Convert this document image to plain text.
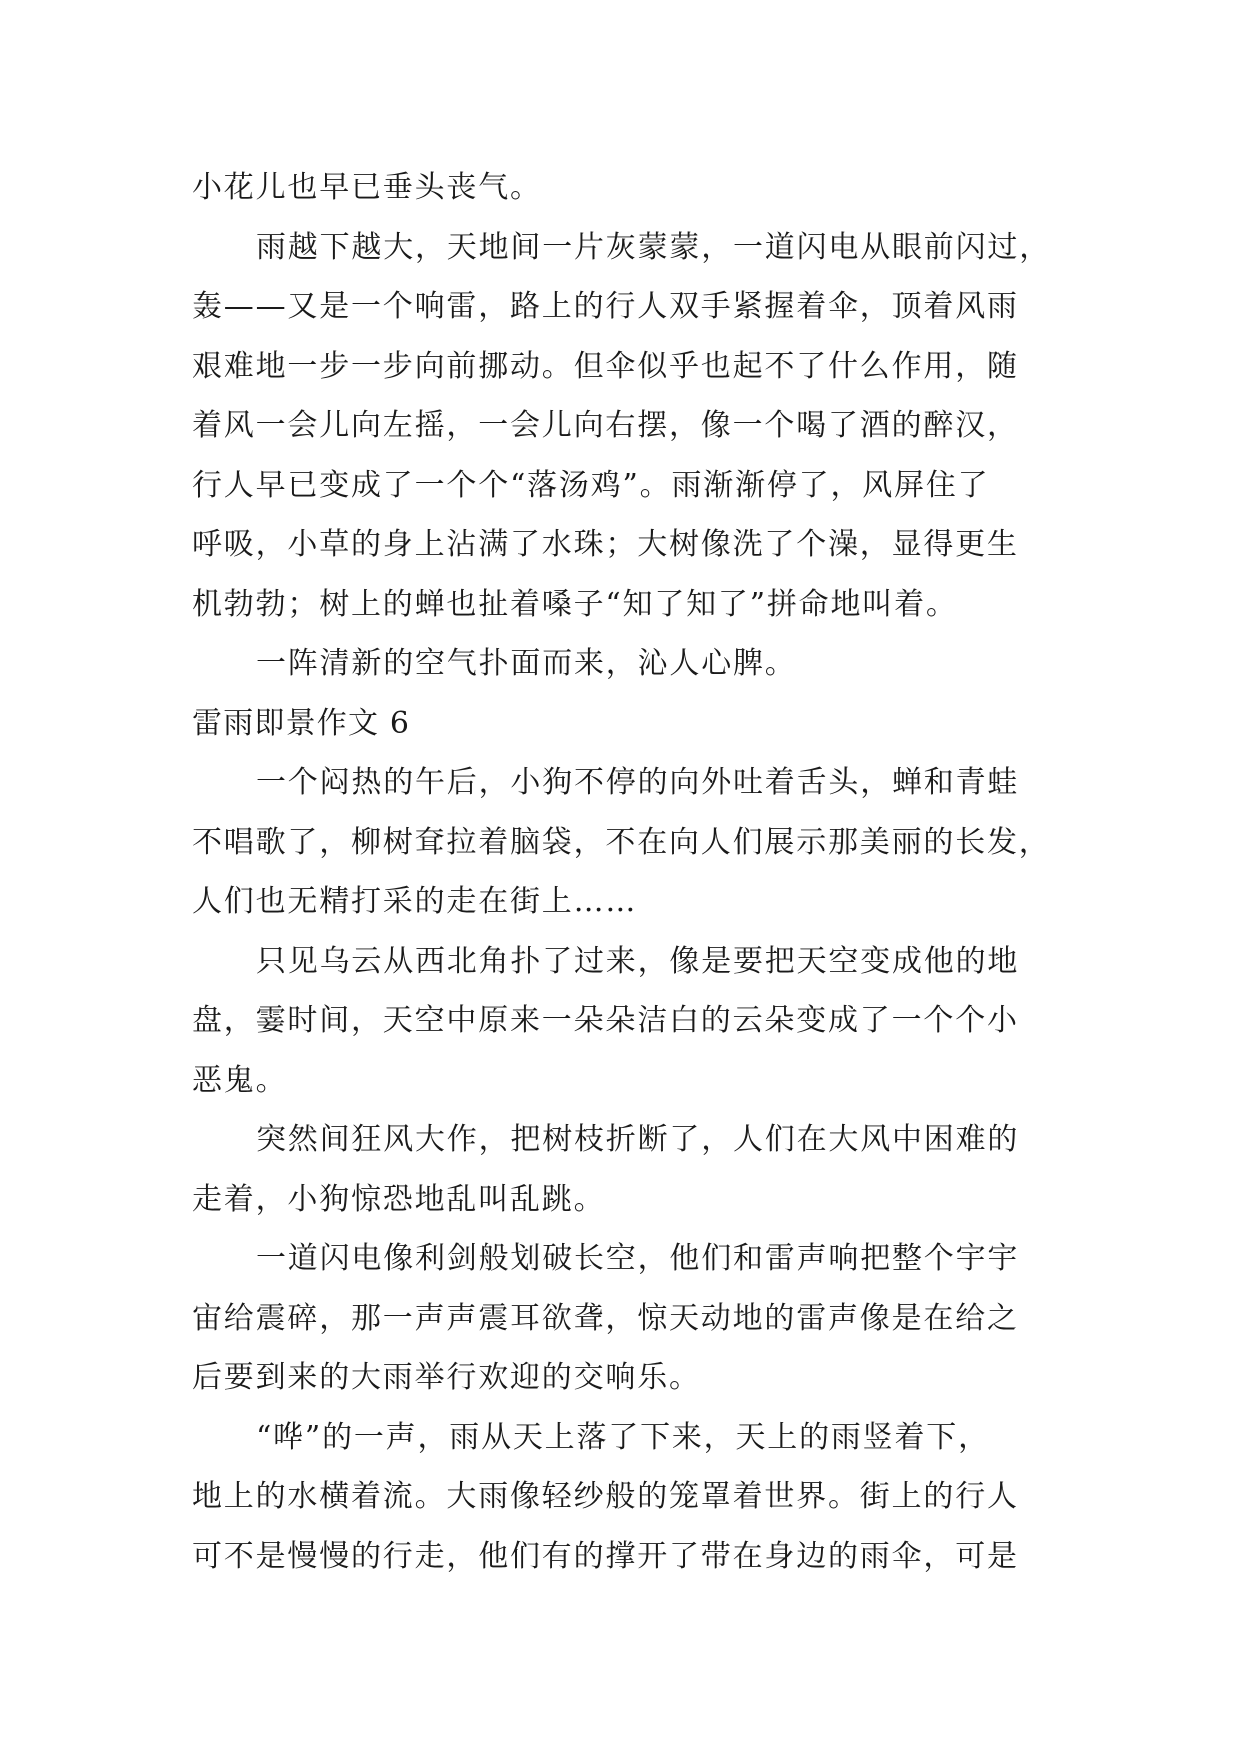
小花儿也早已垂头丧气。

雨越下越大，天地间一片灰蒙蒙，一道闪电从眼前闪过，

轰——又是一个响雷，路上的行人双手紧握着伞，顶着风雨

艰难地一步一步向前挪动。但伞似乎也起不了什么作用，随

着风一会儿向左摇，一会儿向右摆，像一个喝了酒的醉汉，

行人早已变成了一个个“落汤鸡”。雨渐渐停了，风屏住了

呼吸，小草的身上沾满了水珠；大树像洗了个澡，显得更生

机勃勃；树上的蝉也扯着嗓子“知了知了”拼命地叫着。

一阵清新的空气扑面而来，沁人心脾。

雷雨即景作文 6

一个闷热的午后，小狗不停的向外吐着舌头，蝉和青蛙

不唱歌了，柳树耷拉着脑袋，不在向人们展示那美丽的长发，

人们也无精打采的走在街上……

只见乌云从西北角扑了过来，像是要把天空变成他的地

盘，霎时间，天空中原来一朵朵洁白的云朵变成了一个个小

恶鬼。

突然间狂风大作，把树枝折断了，人们在大风中困难的

走着，小狗惊恐地乱叫乱跳。

一道闪电像利剑般划破长空，他们和雷声响把整个宇宇

宙给震碎，那一声声震耳欲聋，惊天动地的雷声像是在给之

后要到来的大雨举行欢迎的交响乐。

“哗”的一声，雨从天上落了下来，天上的雨竖着下，

地上的水横着流。大雨像轻纱般的笼罩着世界。街上的行人

可不是慢慢的行走，他们有的撑开了带在身边的雨伞，可是
